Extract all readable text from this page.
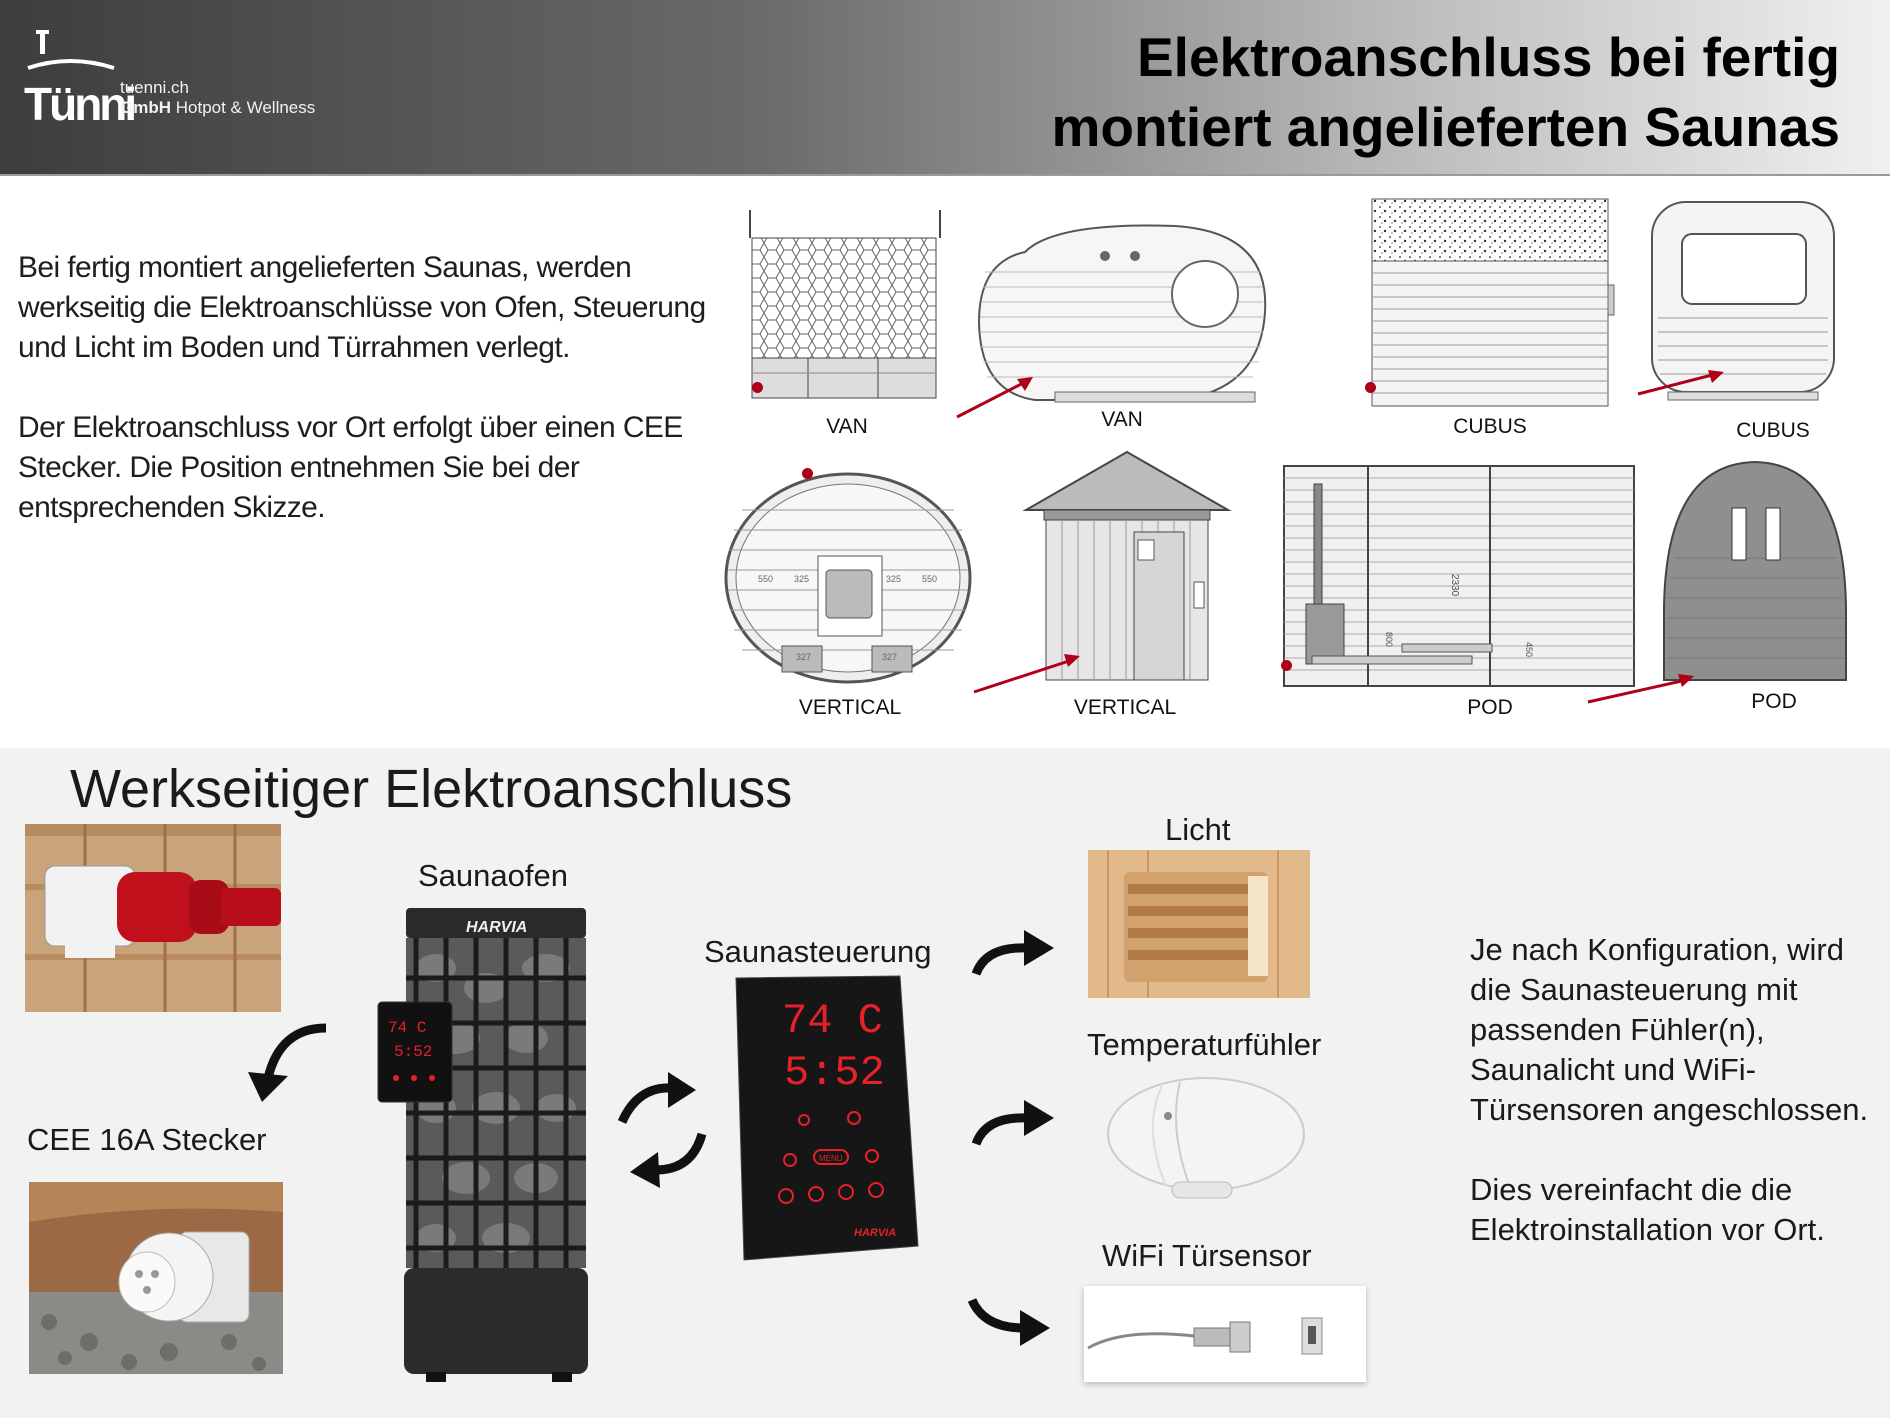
Tünni
tuenni.ch
GmbH Hotpot & Wellness
Elektroanschluss bei fertig
montiert angelieferten Saunas

Bei fertig montiert angelieferten Saunas, werden werkseitig die Elektroanschlüsse von Ofen, Steuerung und Licht im Boden und Türrahmen verlegt.

Der Elektroanschluss vor Ort erfolgt über einen CEE Stecker. Die Position entnehmen Sie bei der entsprechenden Skizze.

VAN	VAN	CUBUS	CUBUS
550 325	325 550
327	327
VERTICAL	VERTICAL
2330
800
450
POD	POD
Werkseitiger Elektroanschluss
CEE 16A Stecker
Saunaofen
HARVIA
74 C
5:52
Saunasteuerung
74 C
5:52
MENU
HARVIA
Licht
Temperaturfühler
WiFi Türsensor

Je nach Konfiguration, wird die Saunasteuerung mit passenden Fühler(n), Saunalicht und WiFi-Türsensoren angeschlossen.

Dies vereinfacht die die Elektroinstallation vor Ort.
